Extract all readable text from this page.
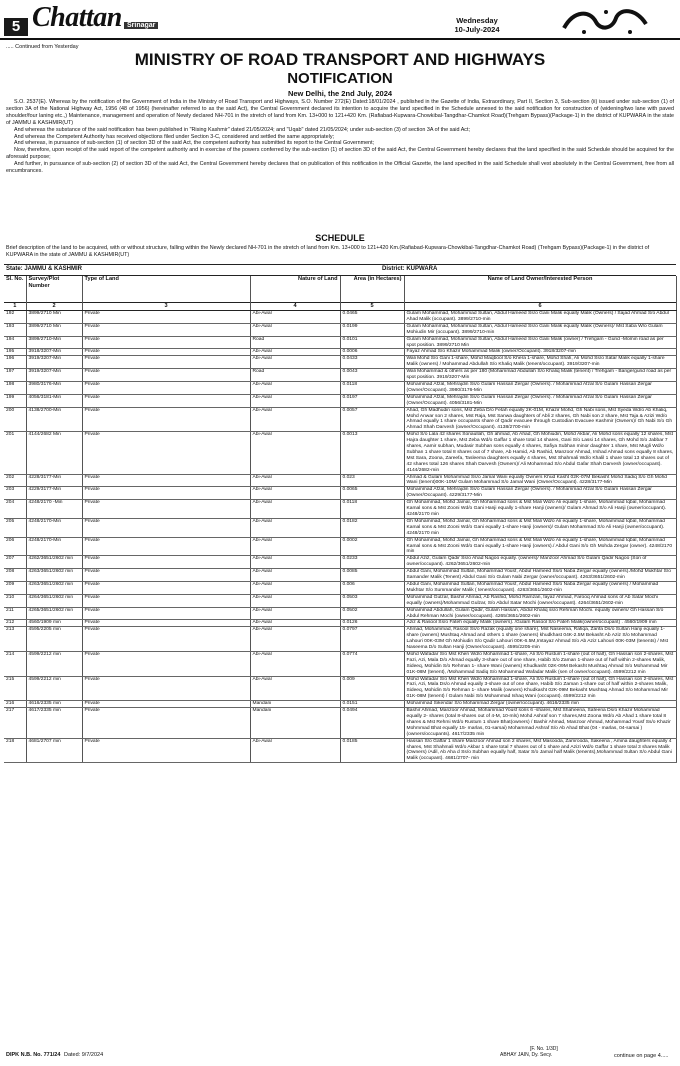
5 Chattan Srinagar
Wednesday
10-July-2024
..... Continued from Yesterday
MINISTRY OF ROAD TRANSPORT AND HIGHWAYS
NOTIFICATION
New Delhi, the 2nd July, 2024

S.O. 2537(E). Whereas by the notification of the Government of India in the Ministry of Road Transport and Highways, S.O. Number 272(E) Dated:18/01/2024 , published in the Gazette of India, Extraordinary, Part II, Section 3, Sub-section (ii) issued under sub-section (1) of section 3A of the National Highway Act, 1956 (48 of 1956) (hereinafter referred to as the said Act), the Central Government declared its intention to acquire the land specified in the Schedule annexed to the said notification for construction of (widening/two lane with paved shoulder/four laning etc.,) Maintenance, management and operation of Newly declared NH-701 in the stretch of land from Km. 13+000 to 121+420 Km. (Rafiabad-Kupwara-Chowkibal-Tangdhar-Chamkot Road)(Trehgam Bypass)(Package-1) in the district of KUPWARA in the state of JAMMU & KASHMIR(UT)

And whereas the substance of the said notification has been published in "Rising Kashmir" dated 21/05/2024; and "Uqab" dated 21/05/2024; under sub-section (3) of section 3A of the said Act;

And whereas the Competent Authority has received objections filed under Section 3-C, considered and settled the same appropriately;

And whereas, in pursuance of sub-section (1) of section 3D of the said Act, the competent authority has submitted its report to the Central Government;

Now, therefore, upon receipt of the said report of the competent authority and in exercise of the powers conferred by the sub-section (1) of section 3D of the said Act, the Central Government hereby declares that the land specified in the said Schedule should be acquired for the aforesaid purpose;

And further, in pursuance of sub-section (2) of section 3D of the said Act, the Central Government hereby declares that on publication of this notification in the Official Gazette, the land specified in the said Schedule shall vest absolutely in the Central Government, free from all encumbrances.

SCHEDULE
Brief description of the land to be acquired, with or without structure, falling within the Newly declared NH-701 in the stretch of land from Km. 13+000 to 121+420 Km.(Rafiabad-Kupwara-Chowkibal-Tangdhar-Chamkot Road) (Trehgam Bypass)(Package-1) in the district of KUPWARA in the state of JAMMU & KASHMIR(UT)
State: JAMMU & KASHMIR	District: KUPWARA
Sl. No.	Survey/Plot Number	Type of Land	Nature of Land	Area (in Hectares)	Name of Land Owner/Interested Person
1	2	3	4	5	6
192	3899/2710 Min	Private	Abi-Awal	0.0465	Gulam Mohammad, Mohammad Sultan, Abdul Hameed Ss/o Gani Malik equally Malik (Owners) / Sajad Ahmad S/o Abdul Ahad Malik (occupant). 3899/2710-min
193	3899/2710 Min	Private	Abi-Awal	0.0199	Gulam Mohammad, Mohammad Sultan, Abdul Hameed Ss/o Gani Malik equally Malik (Owners)/ Mst Saba W/o Gulam Mohiudin Mir (occupant). 3899/2710-min
194	3899/2710-Min	Private	Road	0.0101	Gulam Mohammad, Mohammad Sultan, Abdul Hameed Ss/o Gani Malik (owner) / Trehgam - Gund -Momin road as per spot position. 3899/2710 Min
195	3918/3207-Min	Private	Abi-Awal	0.0006	Fayaz Ahmad S/o Khazir Mohammad Malik (owner/Occupant). 3918/3207-min
196	3919/3207-Min	Private	Abi-Awal	0.0433	Wali Mohd S/o Gani 1-share, Mohd Maqbool S/o Khera 1-share, Mohd Shafi, Ali Mohd Ss/o Satar Malik equally 1-share Malik (owners) / Mohammad Abdullah S/o Khaliq Malik (tenent/occupant). 3919/3207-min
197	3919/3207-Min	Private	Road	0.0043	Wali Mohammad & others as per 180 (Mohammad Abdullah S/o Khaliq Malik (tenent) / Trehgam - Bangergund road as per spot position. 3919/3207-Min
198	3980/3176-Min	Private	Abi-Awal	0.0118	Mohammad Afzal, Mehrajdin Ss/o Gulam Hassan Zergar (Owners). / Mohammad Afzal S/o Gulam Hassan Zergar (Owner/Occupant). 3980/3176-Min
199	4056/3181-Min	Private	Abi-Awal	0.0197	Mohammad Afzal, Mehrajdin Ss/o Gulam Hassan Zergar (Owners). / Mohammad Afzal S/o Gulam Hassan Zergar (Owner/Occupant). 4056/3181-Min
200	4138/2700-Min	Private	Abi-Awal	0.0057	Ahad, Gh Madhudin sons, Mst Zeba D/o Fetah equally 2K-01M, Khazir Mohd, Gh Nabi sons, Mst Syeda Wd/o Ab Khaliq, Mohd Anwar son 2 shares, Mst Raja, Mst Sanwa daughters of Abli 2 shares, Gh Nabi son 2 share, Mst Taja & Azizi Wd/o Ahmad equally 1 share occupants share of Qadir evacuee through Custodian Evacuee Kashmir (Owners)/ Gh Nabi S/o Gh Ahmad Shah Darvesh (owner/Occupant). 4138/2700-min
201	4144/2682 Min	Private	Abi-Awal	0.0013	Mohd S/o Lala 42 shares Sonaullah, Gh ahmad, Ab Ahad, Gh Mohiudin, Mohd Akbar, Ali Mohd sons equally 12 shares, Mst Hajra daughter 1 share, Mst Zeba Wd/o Gaffar 1 share total 14 shares, Gani S/o Lassi 14 shares, Gh Mohd S/o Jabbar 7 shares, Aamir subhan, Mudasir Subhan sons equally 4 shares, Safiya Subhan minor daughter 1 share, Mst Mugli Wd/o Subhan 1 share total 8 shares out of 7 share, Ab Hamid, Ab Rashid, Manzoor Ahmad, Irshad Ahmad sons equally 8 shares, Mst Sara, Zoona, Zareefa, Tasleema daughters equally 4 shares, Mst Shahmali Wd/o Khalil 1 share total 13 shares out of 42 shares total 126 shares Shah Darvesh (Owners)/ Ali Mohammad S/o Abdul Gafar Shah Darvesh (owner/occupant). 4144/2682-min
202	4228/3177-Min	Private	Abi-Awal	0.023	Ahmad & Gulam Mohammad Ss/o Jamal Wani equally Owners Khud Kasht 02K-07M Bekasht Mohd Sadiq S/o Gh Mohd Wani (tenent)00K-10M/ Gulam Mohammad S/o Jamal Wani (Owner/Occupant). 4228/3177-Min
203	4229/3177-Min	Private	Abi-Awal	0.0065	Mohammad Afzal, Mehrajdin Ss/o Gulam Hassan Zergar (Owners). / Mohammad Afzal S/o Gulam Hassan Zergar (Owner/Occupant). 4229/3177-Min
204	4248/2170 -Min	Private	Abi-Awal	0.0118	Gh Mohammad, Mohd Jamal, Gh Mohammad sons & Mst Mali Wd/o Ali equally 1-share, Mohammad Iqbal, Mohammad Kamal sons & Mst Zooni Wd/o Gani Hanji equally 1-share Hanji (owners)/ Gulam Ahmad S/o Ali Hanji (owner/occupant). 4248/2170 min
205	4248/2170-Min	Private	Abi-Awal	0.0182	Gh Mohammad, Mohd Jamal, Gh Mohammad sons & Mst Mali Wd/o Ali equally 1-share, Mohammad Iqbal, Mohammad Kamal sons & Mst Zooni Wd/o Gani equally 1-share Hanji (owners)/ Gulam Mohammad S/o Ali Hanji (owner/occupant). 4248/2170 min
206	4248/2170-Min	Private	Abi-Awal	0.0002	Gh Mohammad, Mohd Jamal, Gh Mohammad sons & Mst Mali Wd/o Ali equally 1-share, Mohammad Iqbal, Mohammad Kamal sons & Mst Zooni Wd/o Gani equally 1-share Hanji (owners)./ Abdul Gani S/o Gh Mohda Zergar (owner). 4248/2170 min
207	4262/3651/2602 min	Private	Abi-Awal	0.0233	Abdul Aziz, Gulam Qadir Ss/o Ahad Nagoo equally. (owners)/ Manzoor Ahmad S/o Gulam Qadir Nagoo (Son of owner/occupant). 4262/3651/2602-min
208	4263/3651/2602 min	Private	Abi-Awal	0.0085	Abdul Gani, Mohammad Sultan, Mohammad Yousf, Abdul Hameed Ss/o Naba Zergar equally (owners)./Mohd Mukhtar S/o Samander Malik (Tenent) Abdul Gani S/o Gulam Nabi Zergar (owner/occupant). 4263/3651/2602-min
209	4263/3651/2602 min	Private	Abi-Awal	0.006	Abdul Gani, Mohammad Sultan, Mohammad Yousf, Abdul Hameed Ss/o Naba Zergar equally (owners) / Mohammad Mukhtar S/o Summander Malik ( tenent/occupant). 4263/3651/2602-min
210	4264/3651/2602 min	Private	Abi-Awal	0.0503	Mohammad Gulzar, Bashir Ahmad, Ab Rashid, Mohd Ramzan, fayaz Ahmad, Farooq Ahmad sons of Ab Satar Mochi equally (owners)/Mohammad Gulzar, S/o Abdul Satar Mochi (owner/occupant). 4264/3651/2602-min
211	4265/3651/2602 min	Private	Abi-Awal	0.0502	Mohammad Abdullah, Gulam Qadir, Gulam Hassan, Abdul Khaliq ss/o Rehman Mochi. equally owners/ Gh Hassan S/o Abdul Rehman Mochi (owner/occupant). 4265/3651/2602-min
212	4560/1909 min	Private	Abi-Awal	0.0126	Aziz & Rasool Ss/o Fateh equally Malik (owners). /Gulam Rasool S/o Fateh Malik(owner/occupant) . 4560/1909 min
213	4595/2205 min	Private	Abi-Awal	0.0797	Ahmad, Mohammad, Rasool Ss/o Razak (equally one share), Mst Naseema, Rafiqa, Zarifa Ds/o Sultan Hanji equally 1- share (owners) Mushtaq Ahmad and others 1 share (owners) khudkhast 04K-2.5M Bekasht Ab Aziz S/o Mohammad Lahouri 00K-03M Gh Mohiudin S/o Qadir Lahouri 00K-6.5M,Imtayaz Ahmad S/o Ab Aziz Lahouri 00K-03M (tenents) / Mst Naseema D/o Sultan Hanji (Owner/occupant). 4595/2205-min
214	4599/2212 min	Private	Abi-Awal	0.0774	Mohd Wafadar S/o Mst Kheri Wd/o Mohammad 1-share, Ali S/o Rustum 1-share (out of half), Gh Hassan son 2-shares, Mst Fazi, Azi, Mala D/o Ahmad equally 3-share out of one share, Habib S/o Zaman 1-share out of half within 2-shares Malik, Sideeq, Mohidin S/o Rehman 1- share Wani (owners) Khudkasht 02K-09M Bekasht Mushtaq Ahmad S/o Mohammad Mir 01K-08M (tenent), /Mohammad Sadiq S/o Mohammad Wafadar Malik (sen of owner/occupant). 4599/2212 min
215	4599/2212 min	Private	Abi-Awal	0.009	Mohd Wafadar S/o Mst Kheri Wd/o Mohammad 1-share, Ali S/o Rustum 1-share (out of half), Gh Hassan son 2-shares, Mst Fazi, Azi, Mala Ds/o Ahmad equally 3-share out of one share, Habib S/o Zaman 1-share out of half within 2-shares Malik, Sideeq, Mohidin S/o Rehman 1- share Malik (owners) Khudkasht 02K-09M Bekasht Mushtaq Ahmad S/o Mohammad Mir 01K-08M (tenent) / Gulam Nabi S/o Mohammad Ishaq Wani (occupant). 4599/2212 min
216	4616/2335 min	Private	Mandani	0.0151	Mohammad Sikendar S/o Mohammad Zergar (owner/occupant). 4616/2335 min
217	4617/2335 min	Private	Mandani	0.0494	Bashir Ahmad, Manzoor Ahmad, Mohammad Yousf sons 6 -shares, Mst Shaheena, Safeena Ds/o Khazir Mohammad equally 2- shares (total 8-shares out of 4-M, 10-mls) Mohd Ashraf son 7 shares,Mst Zoona Wd/o Ab Ahad 1 share total 8 shares & Mst Rehmi Wd/o Rustum 1 share Bhat(owners) / Bashir Ahmad, Manzoor Ahmad, Mohammad Yousf Ss/o Khazir Mohmmad Bhat equally 15- marlas, 01-sarsai) Mohammad Ashraf S/o Ab Ahad Bhat (04 - marlas, 04-sarsai )(owners/occupants). 4617/2335 min
218	4681/2707 min	Private	Abi-Awal	0.0185	Hassan S/o Gaffar 1 share Manzoor Ahmad son 2 shares, Mst Masooda, Zamrooda, Sakeena , Amina daughters equally 4 shares, Mst Shahmali Wd/o Akbar 1 share total 7 shares out of 1 share and Azizi Wd/o Gaffar 1 share total 3 shares Malik (Owners) /Adil, Ab Aha d Ss/o Subhan equally half, Satar S/o Jamal half Malik (tenents),Mohammad Sultan S/o Abdul Gani Malik (occupant). 4681/2707- min
DIPK N.B. No. 771/24 Dated: 9/7/2024
[F. No. 1/3D]
ABHAY JAIN, Dy. Secy.	continue on page 4.....
